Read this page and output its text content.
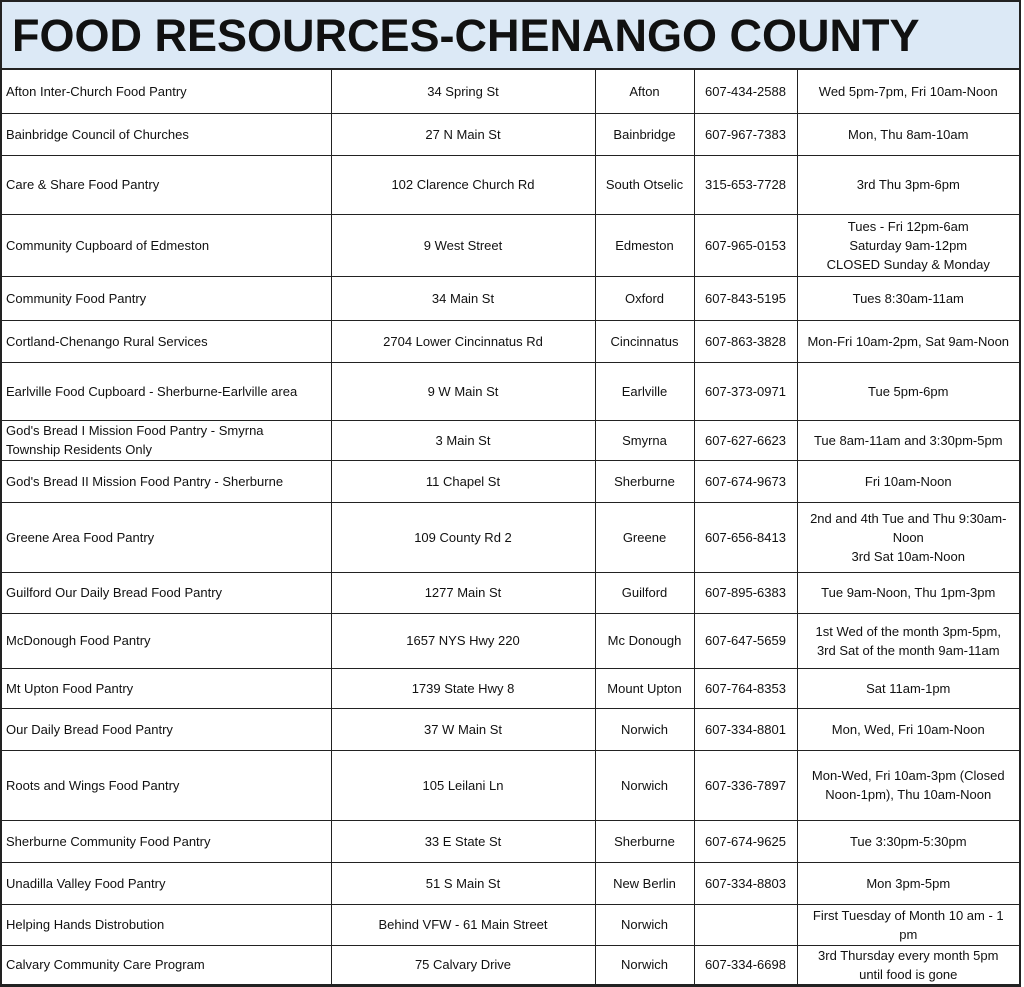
FOOD RESOURCES-CHENANGO COUNTY
Afton Inter-Church Food Pantry	34 Spring St	Afton	607-434-2588	Wed 5pm-7pm, Fri 10am-Noon
Bainbridge Council of Churches	27 N Main St	Bainbridge	607-967-7383	Mon, Thu 8am-10am
Care & Share Food Pantry	102 Clarence Church Rd	South Otselic	315-653-7728	3rd Thu 3pm-6pm
Community Cupboard of Edmeston	9 West Street	Edmeston	607-965-0153	Tues - Fri 12pm-6am
Saturday 9am-12pm
CLOSED Sunday & Monday
Community Food Pantry	34 Main St	Oxford	607-843-5195	Tues 8:30am-11am
Cortland-Chenango Rural Services	2704 Lower Cincinnatus Rd	Cincinnatus	607-863-3828	Mon-Fri 10am-2pm, Sat 9am-Noon
Earlville Food Cupboard - Sherburne-Earlville area	9 W Main St	Earlville	607-373-0971	Tue 5pm-6pm
God's Bread I Mission Food Pantry - Smyrna
Township Residents Only	3 Main St	Smyrna	607-627-6623	Tue 8am-11am and 3:30pm-5pm
God's Bread II Mission Food Pantry - Sherburne	11 Chapel St	Sherburne	607-674-9673	Fri 10am-Noon
Greene Area Food Pantry	109 County Rd 2	Greene	607-656-8413	2nd and 4th Tue and Thu 9:30am-
Noon
3rd Sat 10am-Noon
Guilford Our Daily Bread Food Pantry	1277 Main St	Guilford	607-895-6383	Tue 9am-Noon, Thu 1pm-3pm
McDonough Food Pantry	1657 NYS Hwy 220	Mc Donough	607-647-5659	1st Wed of the month 3pm-5pm,
3rd Sat of the month 9am-11am
Mt Upton Food Pantry	1739 State Hwy 8	Mount Upton	607-764-8353	Sat 11am-1pm
Our Daily Bread Food Pantry	37 W Main St	Norwich	607-334-8801	Mon, Wed, Fri 10am-Noon
Roots and Wings Food Pantry	105 Leilani Ln	Norwich	607-336-7897	Mon-Wed, Fri 10am-3pm (Closed
Noon-1pm), Thu 10am-Noon
Sherburne Community Food Pantry	33 E State St	Sherburne	607-674-9625	Tue 3:30pm-5:30pm
Unadilla Valley Food Pantry	51 S Main St	New Berlin	607-334-8803	Mon 3pm-5pm
Helping Hands Distrobution	Behind VFW - 61 Main Street	Norwich		First Tuesday of Month 10 am - 1
pm
Calvary Community Care Program	75 Calvary Drive	Norwich	607-334-6698	3rd Thursday every month 5pm
until food is gone
